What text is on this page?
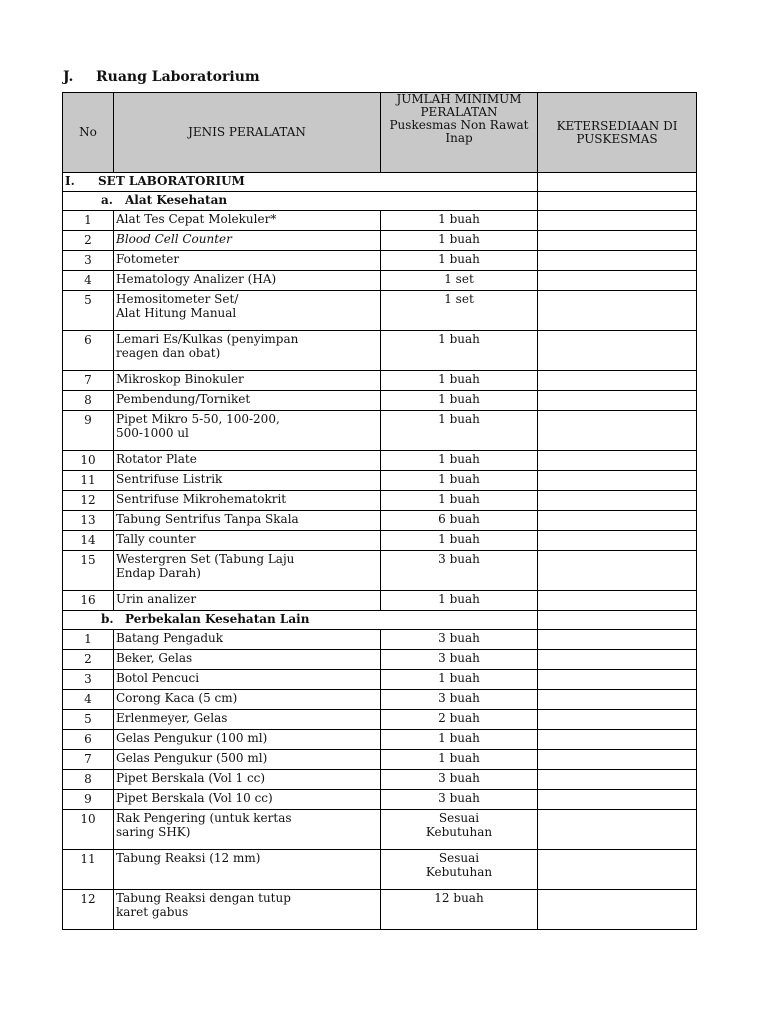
J. Ruang Laboratorium
No	JENIS PERALATAN	JUMLAH MINIMUM PERALATAN Puskesmas Non Rawat Inap	KETERSEDIAAN DI PUSKESMAS
I. SET LABORATORIUM			
a. Alat Kesehatan			
1	Alat Tes Cepat Molekuler*	1 buah	

2	Blood Cell Counter	1 buah	

3	Fotometer	1 buah	

4	Hematology Analizer (HA)	1 set	

5	Hemositometer Set/
Alat Hitung Manual	1 set	

6	Lemari Es/Kulkas (penyimpan
reagen dan obat)	1 buah	

7	Mikroskop Binokuler	1 buah	

8	Pembendung/Torniket	1 buah	

9	Pipet Mikro 5-50, 100-200,
500-1000 ul	1 buah	

10	Rotator Plate	1 buah	

11	Sentrifuse Listrik	1 buah	

12	Sentrifuse Mikrohematokrit	1 buah	

13	Tabung Sentrifus Tanpa Skala	6 buah	

14	Tally counter	1 buah	

15	Westergren Set (Tabung Laju
Endap Darah)	3 buah	

16	Urin analizer	1 buah	

b. Perbekalan Kesehatan Lain			
1	Batang Pengaduk	3 buah	

2	Beker, Gelas	3 buah	

3	Botol Pencuci	1 buah	

4	Corong Kaca (5 cm)	3 buah	

5	Erlenmeyer, Gelas	2 buah	

6	Gelas Pengukur (100 ml)	1 buah	

7	Gelas Pengukur (500 ml)	1 buah	

8	Pipet Berskala (Vol 1 cc)	3 buah	

9	Pipet Berskala (Vol 10 cc)	3 buah	

10	Rak Pengering (untuk kertas
saring SHK)	Sesuai
Kebutuhan	

11	Tabung Reaksi (12 mm)	Sesuai
Kebutuhan	

12	Tabung Reaksi dengan tutup
karet gabus	12 buah	
